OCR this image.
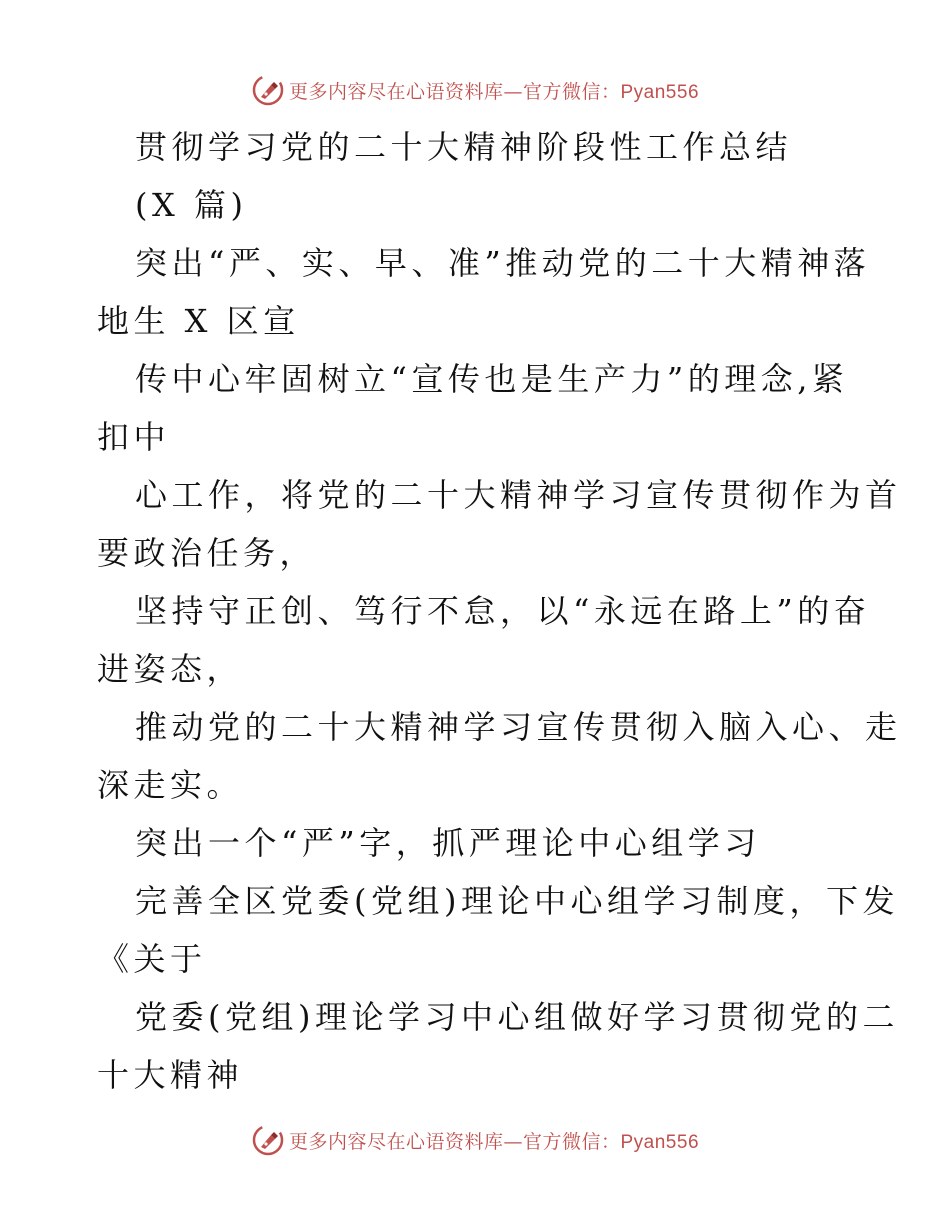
更多内容尽在心语资料库—官方微信：Pyan556
贯彻学习党的二十大精神阶段性工作总结
(X 篇)
突出“严、实、早、准”推动党的二十大精神落
地生 X 区宣
传中心牢固树立“宣传也是生产力”的理念,紧
扣中
心工作，将党的二十大精神学习宣传贯彻作为首
要政治任务，
坚持守正创、笃行不怠，以“永远在路上”的奋
进姿态，
推动党的二十大精神学习宣传贯彻入脑入心、走
深走实。
突出一个“严”字，抓严理论中心组学习
完善全区党委(党组)理论中心组学习制度，下发
《关于
党委(党组)理论学习中心组做好学习贯彻党的二
十大精神
更多内容尽在心语资料库—官方微信：Pyan556
